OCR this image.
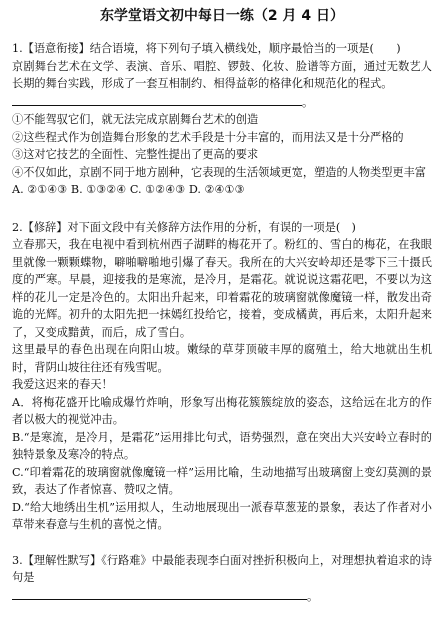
东学堂语文初中每日一练（2 月 4 日）

1.【语意衔接】结合语境，将下列句子填入横线处，顺序最恰当的一项是(　　)

京剧舞台艺术在文学、表演、音乐、唱腔、锣鼓、化妆、脸谱等方面，通过无数艺人长期的舞台实践，形成了一套互相制约、相得益彰的格律化和规范化的程式。

。

①不能驾驭它们，就无法完成京剧舞台艺术的创造

②这些程式作为创造舞台形象的艺术手段是十分丰富的，而用法又是十分严格的

③这对它技艺的全面性、完整性提出了更高的要求

④不仅如此，京剧不同于地方剧种，它表现的生活领域更宽，塑造的人物类型更丰富

A. ②①④③ B. ①③②④ C. ①②④③ D. ②④①③

2.【修辞】对下面文段中有关修辞方法作用的分析，有误的一项是(　)

立春那天，我在电视中看到杭州西子湖畔的梅花开了。粉红的、雪白的梅花，在我眼里就像一颗颗蝶物，噼啪噼啪地引爆了春天。我所在的大兴安岭却还是零下三十摄氏度的严寒。早晨，迎接我的是寒流，是冷月，是霜花。就说说这霜花吧，不要以为这样的花儿一定是冷色的。太阳出升起来，印着霜花的玻璃窗就像魔镜一样，散发出奇诡的光辉。初升的太阳先把一抹嫣红投给它，接着，变成橘黄，再后来，太阳升起来了，又变成黯黄，而后，成了雪白。

这里最早的春色出现在向阳山坡。嫩绿的草芽顶破丰厚的腐殖土，给大地就出生机时，背阴山坡往往还有残雪呢。

我爱这迟来的春天！

A．将梅花盛开比喻成爆竹炸响，形象写出梅花簇簇绽放的姿态，这给远在北方的作者以极大的视觉冲击。

B.“是寒流，是冷月，是霜花”运用排比句式，语势强烈，意在突出大兴安岭立春时的独特景象及寒冷的特点。

C.“印着霜花的玻璃窗就像魔镜一样”运用比喻，生动地描写出玻璃窗上变幻莫测的景致，表达了作者惊喜、赞叹之情。

D.“给大地绣出生机”运用拟人，生动地展现出一派春草葱茏的景象，表达了作者对小草带来春意与生机的喜悦之情。

3.【理解性默写】《行路难》中最能表现李白面对挫折积极向上，对理想执着追求的诗句是

。
